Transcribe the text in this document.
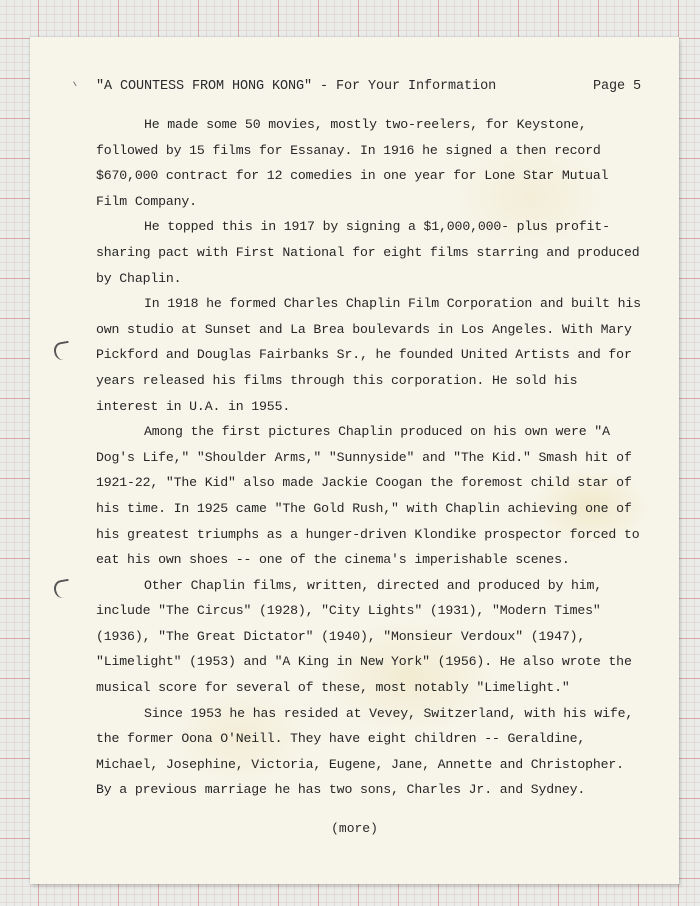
"A COUNTESS FROM HONG KONG" - For Your Information	Page 5

He made some 50 movies, mostly two-reelers, for Keystone, followed by 15 films for Essanay. In 1916 he signed a then record $670,000 contract for 12 comedies in one year for Lone Star Mutual Film Company.

He topped this in 1917 by signing a $1,000,000- plus profit-sharing pact with First National for eight films starring and produced by Chaplin.

In 1918 he formed Charles Chaplin Film Corporation and built his own studio at Sunset and La Brea boulevards in Los Angeles. With Mary Pickford and Douglas Fairbanks Sr., he founded United Artists and for years released his films through this corporation. He sold his interest in U.A. in 1955.

Among the first pictures Chaplin produced on his own were "A Dog's Life," "Shoulder Arms," "Sunnyside" and "The Kid." Smash hit of 1921-22, "The Kid" also made Jackie Coogan the foremost child star of his time. In 1925 came "The Gold Rush," with Chaplin achieving one of his greatest triumphs as a hunger-driven Klondike prospector forced to eat his own shoes -- one of the cinema's imperishable scenes.

Other Chaplin films, written, directed and produced by him, include "The Circus" (1928), "City Lights" (1931), "Modern Times" (1936), "The Great Dictator" (1940), "Monsieur Verdoux" (1947), "Limelight" (1953) and "A King in New York" (1956). He also wrote the musical score for several of these, most notably "Limelight."

Since 1953 he has resided at Vevey, Switzerland, with his wife, the former Oona O'Neill. They have eight children -- Geraldine, Michael, Josephine, Victoria, Eugene, Jane, Annette and Christopher. By a previous marriage he has two sons, Charles Jr. and Sydney.

(more)
